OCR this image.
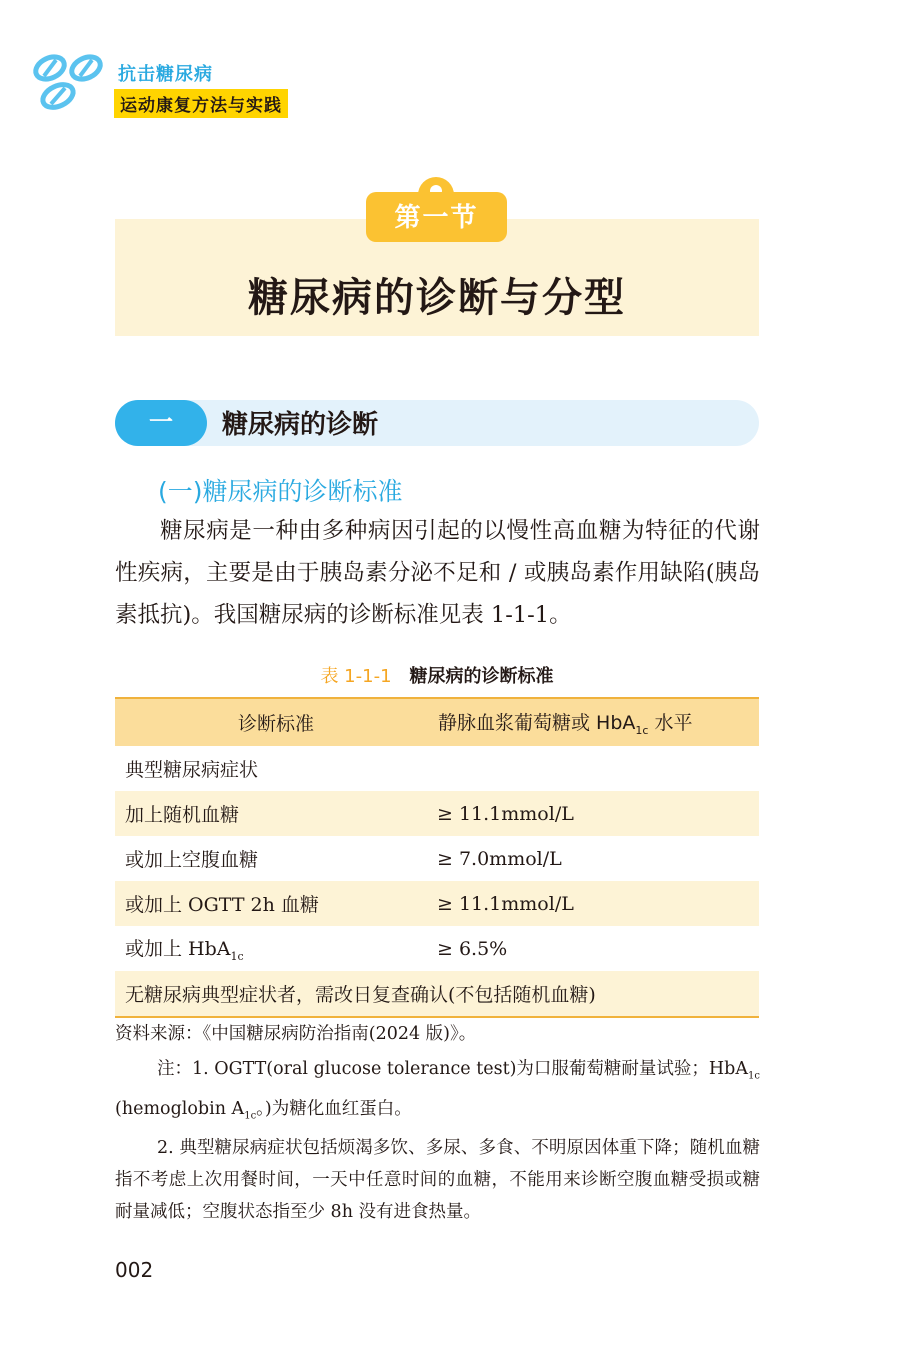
抗击糖尿病
运动康复方法与实践
第一节
糖尿病的诊断与分型
一	糖尿病的诊断
(一)糖尿病的诊断标准
糖尿病是一种由多种病因引起的以慢性高血糖为特征的代谢性疾病，主要是由于胰岛素分泌不足和 / 或胰岛素作用缺陷(胰岛素抵抗)。我国糖尿病的诊断标准见表 1-1-1。
表 1-1-1 糖尿病的诊断标准
诊断标准	静脉血浆葡萄糖或 HbA$_{1c}$ 水平
典型糖尿病症状	
加上随机血糖	≥ 11.1mmol/L
或加上空腹血糖	≥ 7.0mmol/L
或加上 OGTT 2h 血糖	≥ 11.1mmol/L
或加上 HbA$_{1c}$	≥ 6.5%
无糖尿病典型症状者，需改日复查确认(不包括随机血糖)	
资料来源：《中国糖尿病防治指南(2024 版)》。

注：1. OGTT(oral glucose tolerance test)为口服葡萄糖耐量试验；HbA$_{1c}$

(hemoglobin $A_{1c}$。)为糖化血红蛋白。

2. 典型糖尿病症状包括烦渴多饮、多尿、多食、不明原因体重下降；随机血糖指不考虑上次用餐时间，一天中任意时间的血糖，不能用来诊断空腹血糖受损或糖耐量减低；空腹状态指至少 8h 没有进食热量。

002
